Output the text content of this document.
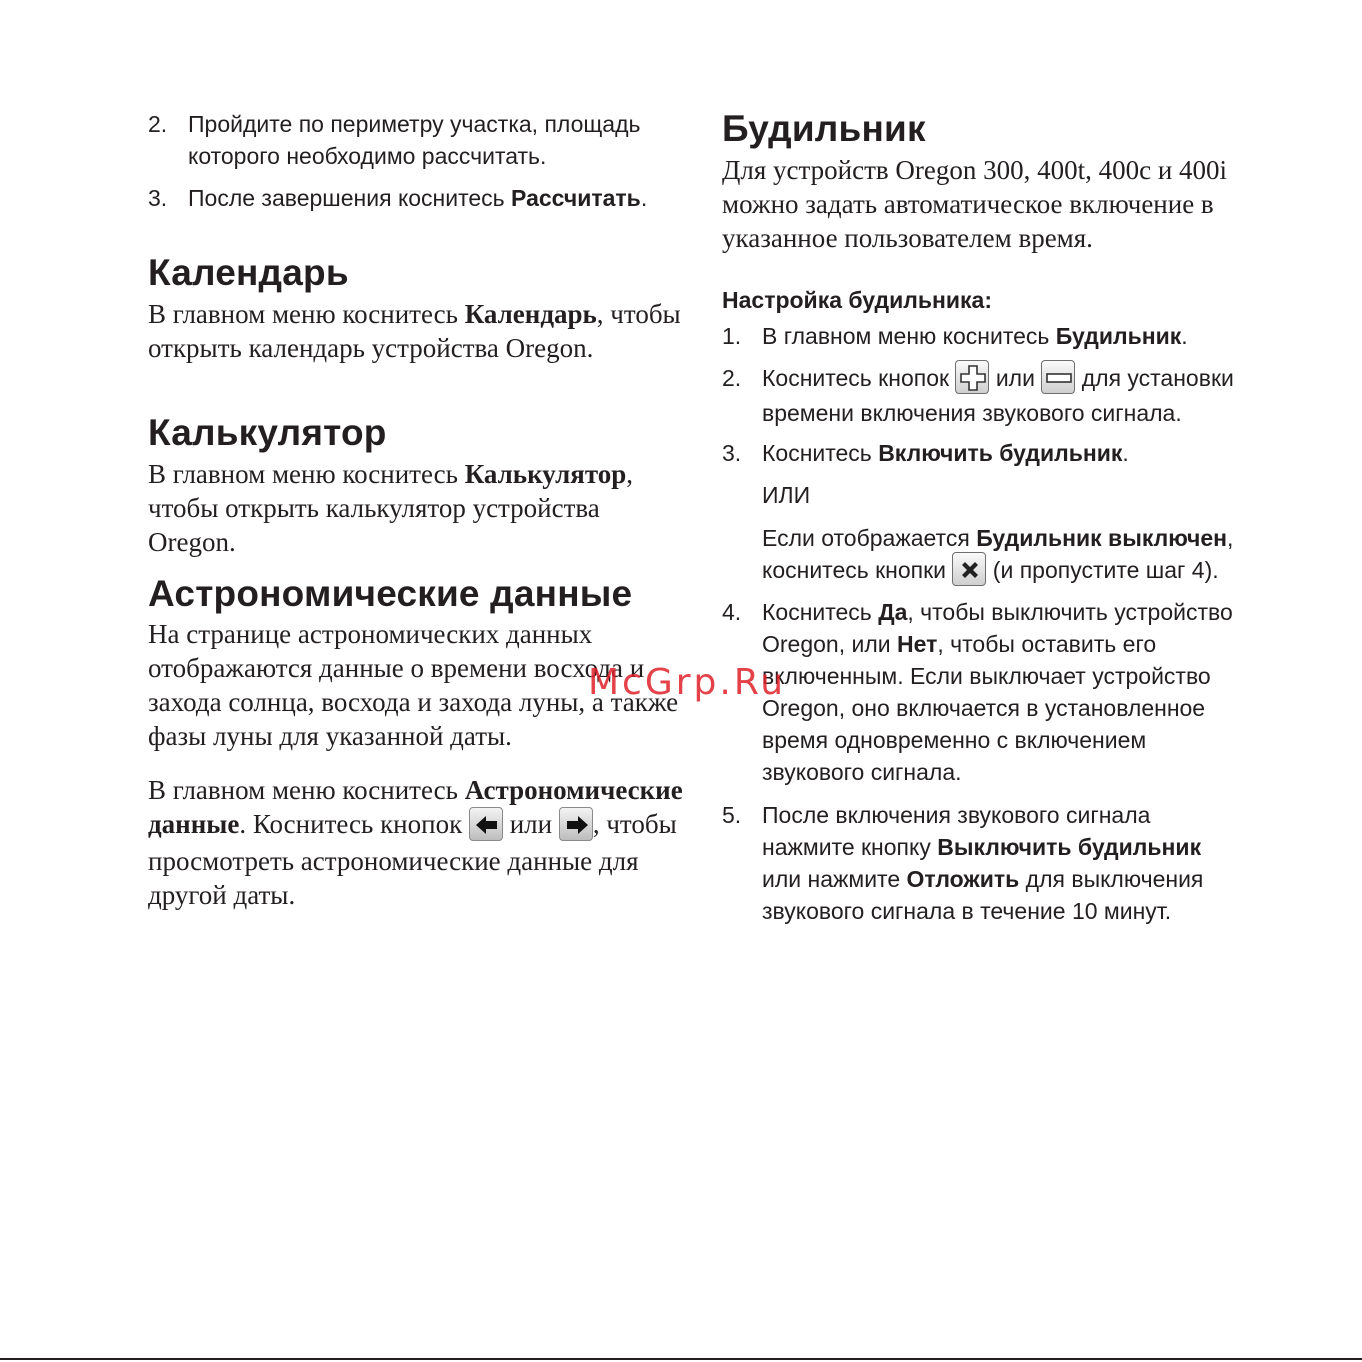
2. Пройдите по периметру участка, площадь
которого необходимо рассчитать.
3. После завершения коснитесь Рассчитать.
Календарь

В главном меню коснитесь Календарь, чтобы
открыть календарь устройства Oregon.

Калькулятор

В главном меню коснитесь Калькулятор,
чтобы открыть калькулятор устройства Oregon.

Астрономические данные

На странице астрономических данных
отображаются данные о времени восхода и
захода солнца, восхода и захода луны, а также
фазы луны для указанной даты.

В главном меню коснитесь Астрономические
данные. Коснитесь кнопок
или
, чтобы
просмотреть астрономические данные для
другой даты.

Будильник

Для устройств Oregon 300, 400t, 400c и 400i
можно задать автоматическое включение в
указанное пользователем время.

Настройка будильника:
1. В главном меню коснитесь Будильник.
2. Коснитесь кнопок
или
для установки
времени включения звукового сигнала.
3. Коснитесь Включить будильник.
ИЛИ
Если отображается Будильник выключен,
коснитесь кнопки
(и пропустите шаг 4).
4. Коснитесь Да, чтобы выключить устройство
Oregon, или Нет, чтобы оставить его
включенным. Если выключает устройство
Oregon, оно включается в установленное
время одновременно с включением
звукового сигнала.
5. После включения звукового сигнала
нажмите кнопку Выключить будильник
или нажмите Отложить для выключения
звукового сигнала в течение 10 минут.
McGrp.Ru
